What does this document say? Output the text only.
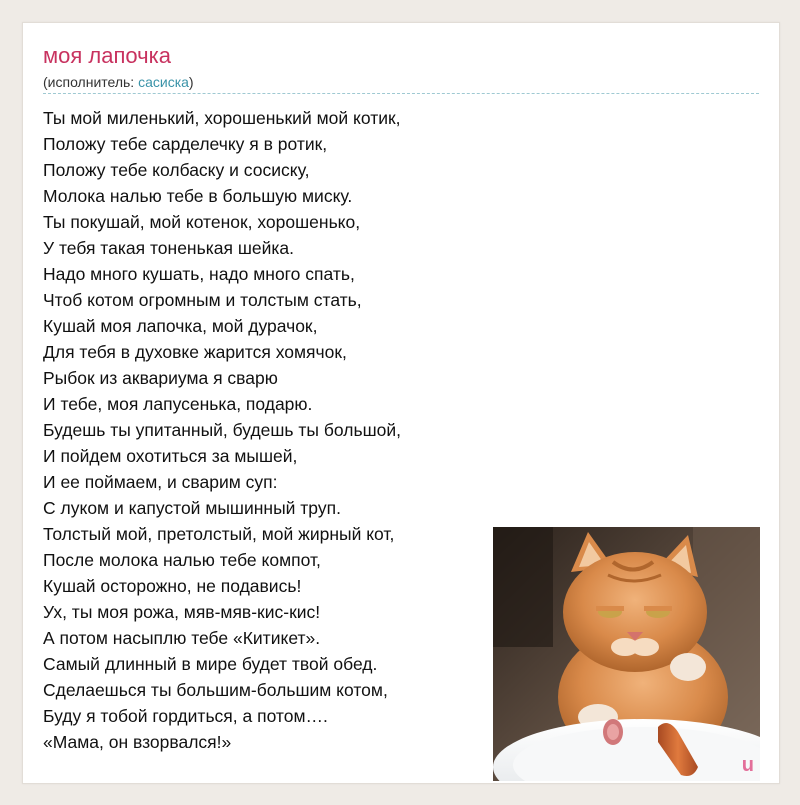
моя лапочка
(исполнитель: сасиска)
Ты мой миленький, хорошенький мой котик,
Положу тебе сарделечку я в ротик,
Положу тебе колбаску и сосиску,
Молока налью тебе в большую миску.
Ты покушай, мой котенок, хорошенько,
У тебя такая тоненькая шейка.
Надо много кушать, надо много спать,
Чтоб котом огромным и толстым стать,
Кушай моя лапочка, мой дурачок,
Для тебя в духовке жарится хомячок,
Рыбок из аквариума я сварю
И тебе, моя лапусенька, подарю.
Будешь ты упитанный, будешь ты большой,
И пойдем охотиться за мышей,
И ее поймаем, и сварим суп:
С луком и капустой мышинный труп.
Толстый мой, претолстый, мой жирный кот,
После молока налью тебе компот,
Кушай осторожно, не подавись!
Ух, ты моя рожа, мяв-мяв-кис-кис!
А потом насыплю тебе «Китикет».
Самый длинный в мире будет твой обед.
Сделаешься ты большим-большим котом,
Буду я тобой гордиться, а потом….
«Мама, он взорвался!»
u
